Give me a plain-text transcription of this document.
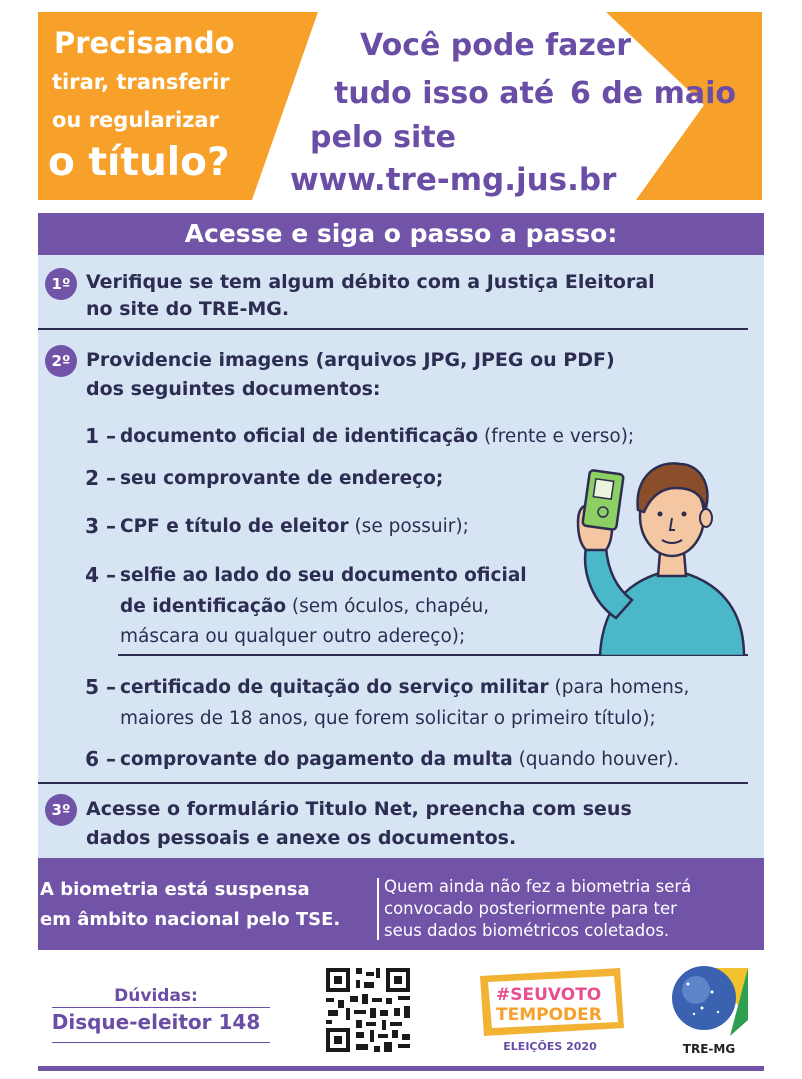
Precisando
tirar, transferir
ou regularizar
o título?
Você pode fazer
tudo isso até 6 de maio
pelo site
www.tre-mg.jus.br
Acesse e siga o passo a passo:
1º Verifique se tem algum débito com a Justiça Eleitoral
no site do TRE-MG.
2º Providencie imagens (arquivos JPG, JPEG ou PDF)
dos seguintes documentos:
1 – documento oficial de identificação (frente e verso);
2 – seu comprovante de endereço;
3 – CPF e título de eleitor (se possuir);
4 – selfie ao lado do seu documento oficial
de identificação (sem óculos, chapéu,
máscara ou qualquer outro adereço);
5 – certificado de quitação do serviço militar (para homens,
maiores de 18 anos, que forem solicitar o primeiro título);
6 – comprovante do pagamento da multa (quando houver).
3º Acesse o formulário Titulo Net, preencha com seus
dados pessoais e anexe os documentos.
A biometria está suspensa
em âmbito nacional pelo TSE.
Quem ainda não fez a biometria será
convocado posteriormente para ter
seus dados biométricos coletados.
Dúvidas:
Disque-eleitor 148
#SEUVOTO
TEMPODER
ELEIÇÕES 2020	TRE-MG
